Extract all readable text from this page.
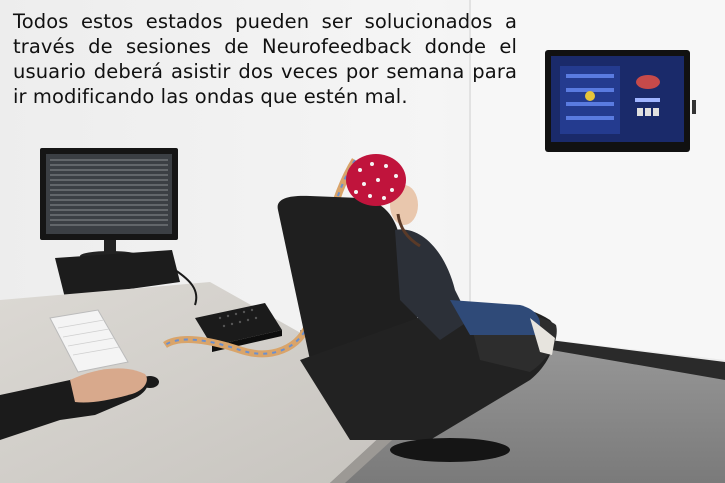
Todos estos estados pueden ser solucionados a través de sesiones de Neurofeedback donde el usuario deberá asistir dos veces por semana para ir modificando las ondas que estén mal.
